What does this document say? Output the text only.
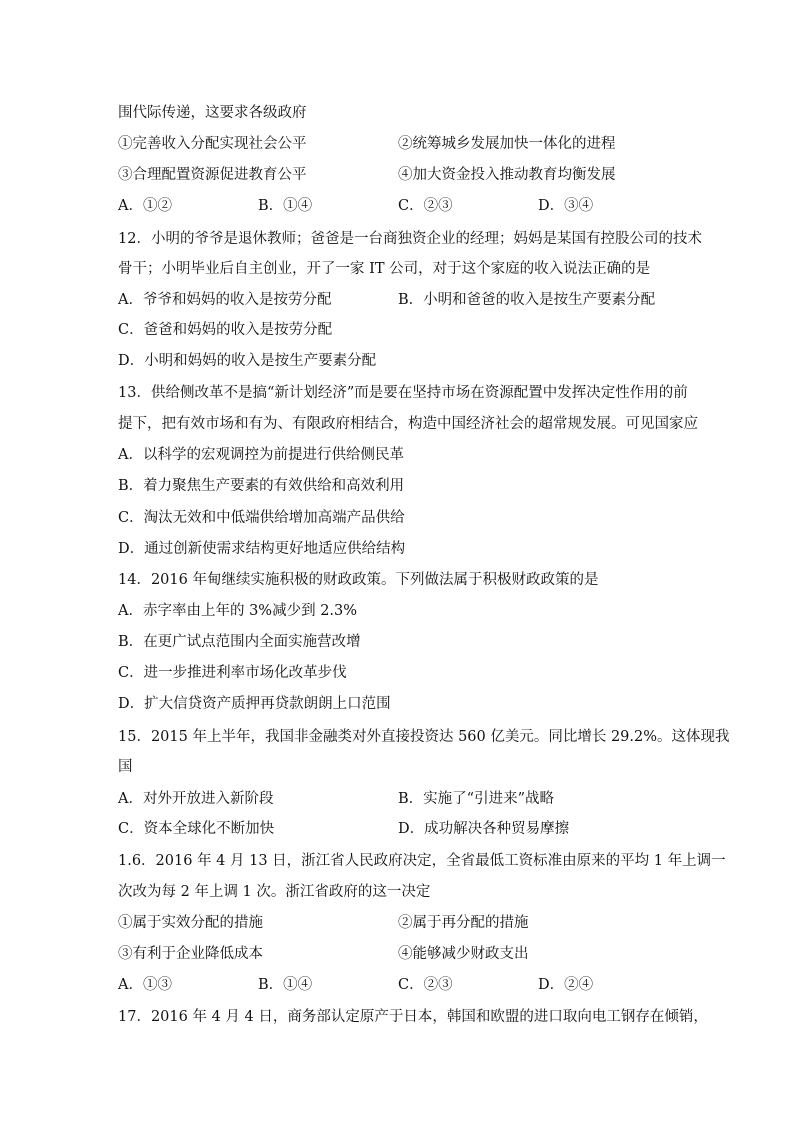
围代际传递，这要求各级政府
①完善收入分配实现社会公平	②统筹城乡发展加快一体化的进程
③合理配置资源促进教育公平	④加大资金投入推动教育均衡发展
A．①②	B．①④	C．②③	D．③④
12．小明的爷爷是退休教师；爸爸是一台商独资企业的经理；妈妈是某国有控股公司的技术
骨干；小明毕业后自主创业，开了一家 IT 公司，对于这个家庭的收入说法正确的是
A．爷爷和妈妈的收入是按劳分配	B．小明和爸爸的收入是按生产要素分配
C．爸爸和妈妈的收入是按劳分配
D．小明和妈妈的收入是按生产要素分配
13．供给侧改革不是搞“新计划经济”而是要在坚持市场在资源配置中发挥决定性作用的前
提下，把有效市场和有为、有限政府相结合，构造中国经济社会的超常规发展。可见国家应
A．以科学的宏观调控为前提进行供给侧民革
B．着力聚焦生产要素的有效供给和高效利用
C．淘汰无效和中低端供给增加高端产品供给
D．通过创新使需求结构更好地适应供给结构
14．2016 年甸继续实施积极的财政政策。下列做法属于积极财政政策的是
A．赤字率由上年的 3%减少到 2.3%
B．在更广试点范围内全面实施营改增
C．进一步推进利率市场化改革步伐
D．扩大信贷资产质押再贷款朗朗上口范围
15．2015 年上半年，我国非金融类对外直接投资达 560 亿美元。同比增长 29.2%。这体现我
国
A．对外开放进入新阶段	B．实施了“引进来”战略
C．资本全球化不断加快	D．成功解决各种贸易摩擦
1.6．2016 年 4 月 13 日，浙江省人民政府决定，全省最低工资标准由原来的平均 1 年上调一
次改为每 2 年上调 1 次。浙江省政府的这一决定
①属于实效分配的措施	②属于再分配的措施
③有利于企业降低成本	④能够减少财政支出
A．①③	B．①④	C．②③	D．②④
17．2016 年 4 月 4 日，商务部认定原产于日本，韩国和欧盟的进口取向电工钢存在倾销，
